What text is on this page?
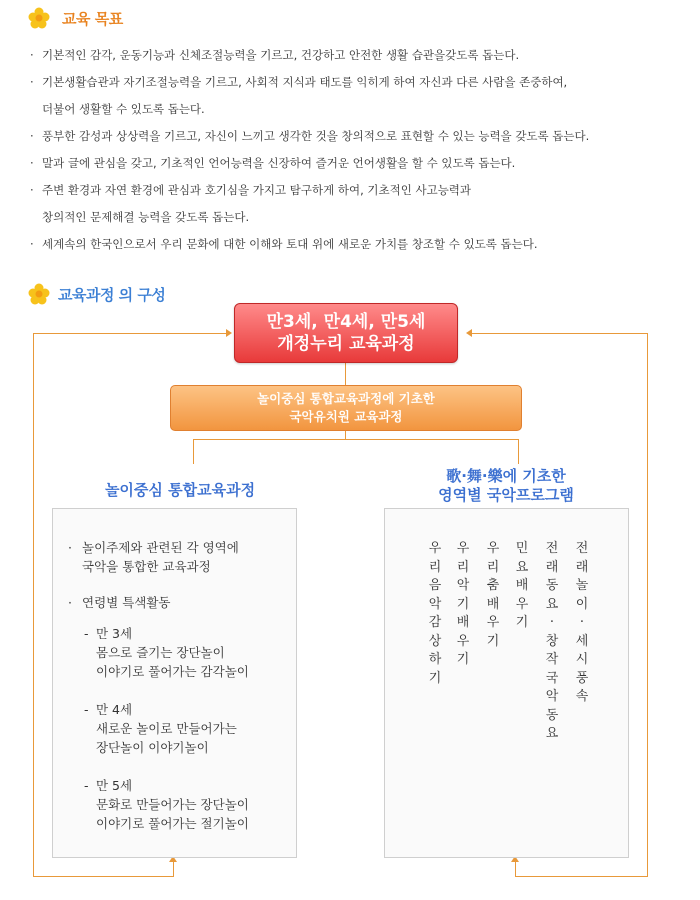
교육 목표
· 기본적인 감각, 운동기능과 신체조절능력을 기르고, 건강하고 안전한 생활 습관을갖도록 돕는다.
· 기본생활습관과 자기조절능력을 기르고, 사회적 지식과 태도를 익히게 하여 자신과 다른 사람을 존중하여,
더불어 생활할 수 있도록 돕는다.
· 풍부한 감성과 상상력을 기르고, 자신이 느끼고 생각한 것을 창의적으로 표현할 수 있는 능력을 갖도록 돕는다.
· 말과 글에 관심을 갖고, 기초적인 언어능력을 신장하여 즐거운 언어생활을 할 수 있도록 돕는다.
· 주변 환경과 자연 환경에 관심과 호기심을 가지고 탐구하게 하여, 기초적인 사고능력과
창의적인 문제해결 능력을 갖도록 돕는다.
· 세계속의 한국인으로서 우리 문화에 대한 이해와 토대 위에 새로운 가치를 창조할 수 있도록 돕는다.
교육과정 의 구성
만3세, 만4세, 만5세
개정누리 교육과정
놀이중심 통합교육과정에 기초한
국악유치원 교육과정
놀이중심 통합교육과정
· 놀이주제와 관련된 각 영역에
국악을 통합한 교육과정
· 연령별 특색활동
- 만 3세
몸으로 즐기는 장단놀이
이야기로 풀어가는 감각놀이
- 만 4세
새로운 놀이로 만들어가는
장단놀이 이야기놀이
- 만 5세
문화로 만들어가는 장단놀이
이야기로 풀어가는 절기놀이
歌·舞·樂에 기초한
영역별 국악프로그램
우
리
음
악
감
상
하
기
우
리
악
기
배
우
기
우
리
춤
배
우
기
민
요
배
우
기
전
래
동
요
·
창
작
국
악
동
요
전
래
놀
이
·
세
시
풍
속
